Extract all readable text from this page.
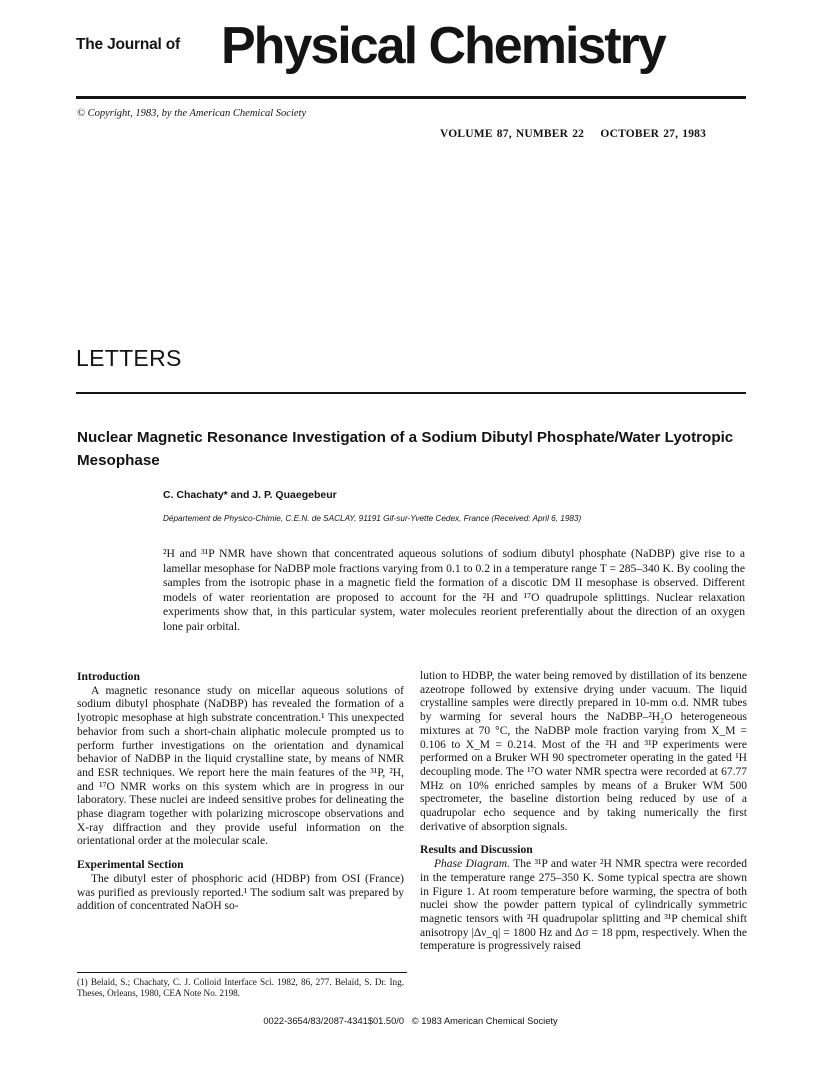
The Journal of Physical Chemistry
© Copyright, 1983, by the American Chemical Society
VOLUME 87, NUMBER 22    OCTOBER 27, 1983
LETTERS
Nuclear Magnetic Resonance Investigation of a Sodium Dibutyl Phosphate/Water Lyotropic Mesophase
C. Chachaty* and J. P. Quaegebeur
Département de Physico-Chimie, C.E.N. de SACLAY, 91191 Gif-sur-Yvette Cedex, France (Received: April 6, 1983)

²H and ³¹P NMR have shown that concentrated aqueous solutions of sodium dibutyl phosphate (NaDBP) give rise to a lamellar mesophase for NaDBP mole fractions varying from 0.1 to 0.2 in a temperature range T = 285–340 K. By cooling the samples from the isotropic phase in a magnetic field the formation of a discotic DM II mesophase is observed. Different models of water reorientation are proposed to account for the ²H and ¹⁷O quadrupole splittings. Nuclear relaxation experiments show that, in this particular system, water molecules reorient preferentially about the direction of an oxygen lone pair orbital.

Introduction

A magnetic resonance study on micellar aqueous solutions of sodium dibutyl phosphate (NaDBP) has revealed the formation of a lyotropic mesophase at high substrate concentration.¹ This unexpected behavior from such a short-chain aliphatic molecule prompted us to perform further investigations on the orientation and dynamical behavior of NaDBP in the liquid crystalline state, by means of NMR and ESR techniques. We report here the main features of the ³¹P, ²H, and ¹⁷O NMR works on this system which are in progress in our laboratory. These nuclei are indeed sensitive probes for delineating the phase diagram together with polarizing microscope observations and X-ray diffraction and they provide useful information on the orientational order at the molecular scale.

Experimental Section

The dibutyl ester of phosphoric acid (HDBP) from OSI (France) was purified as previously reported.¹ The sodium salt was prepared by addition of concentrated NaOH so-

lution to HDBP, the water being removed by distillation of its benzene azeotrope followed by extensive drying under vacuum. The liquid crystalline samples were directly prepared in 10-mm o.d. NMR tubes by warming for several hours the NaDBP–²H₂O heterogeneous mixtures at 70 °C, the NaDBP mole fraction varying from X_M = 0.106 to X_M = 0.214. Most of the ²H and ³¹P experiments were performed on a Bruker WH 90 spectrometer operating in the gated ¹H decoupling mode. The ¹⁷O water NMR spectra were recorded at 67.77 MHz on 10% enriched samples by means of a Bruker WM 500 spectrometer, the baseline distortion being reduced by use of a quadrupolar echo sequence and by taking numerically the first derivative of absorption signals.

Results and Discussion

Phase Diagram. The ³¹P and water ²H NMR spectra were recorded in the temperature range 275–350 K. Some typical spectra are shown in Figure 1. At room temperature before warming, the spectra of both nuclei show the powder pattern typical of cylindrically symmetric magnetic tensors with ²H quadrupolar splitting and ³¹P chemical shift anisotropy |Δν_q| = 1800 Hz and Δσ = 18 ppm, respectively. When the temperature is progressively raised

(1) Belaïd, S.; Chachaty, C. J. Colloid Interface Sci. 1982, 86, 277. Belaïd, S. Dr. Ing. Theses, Orleans, 1980, CEA Note No. 2198.
0022-3654/83/2087-4341$01.50/0   © 1983 American Chemical Society
